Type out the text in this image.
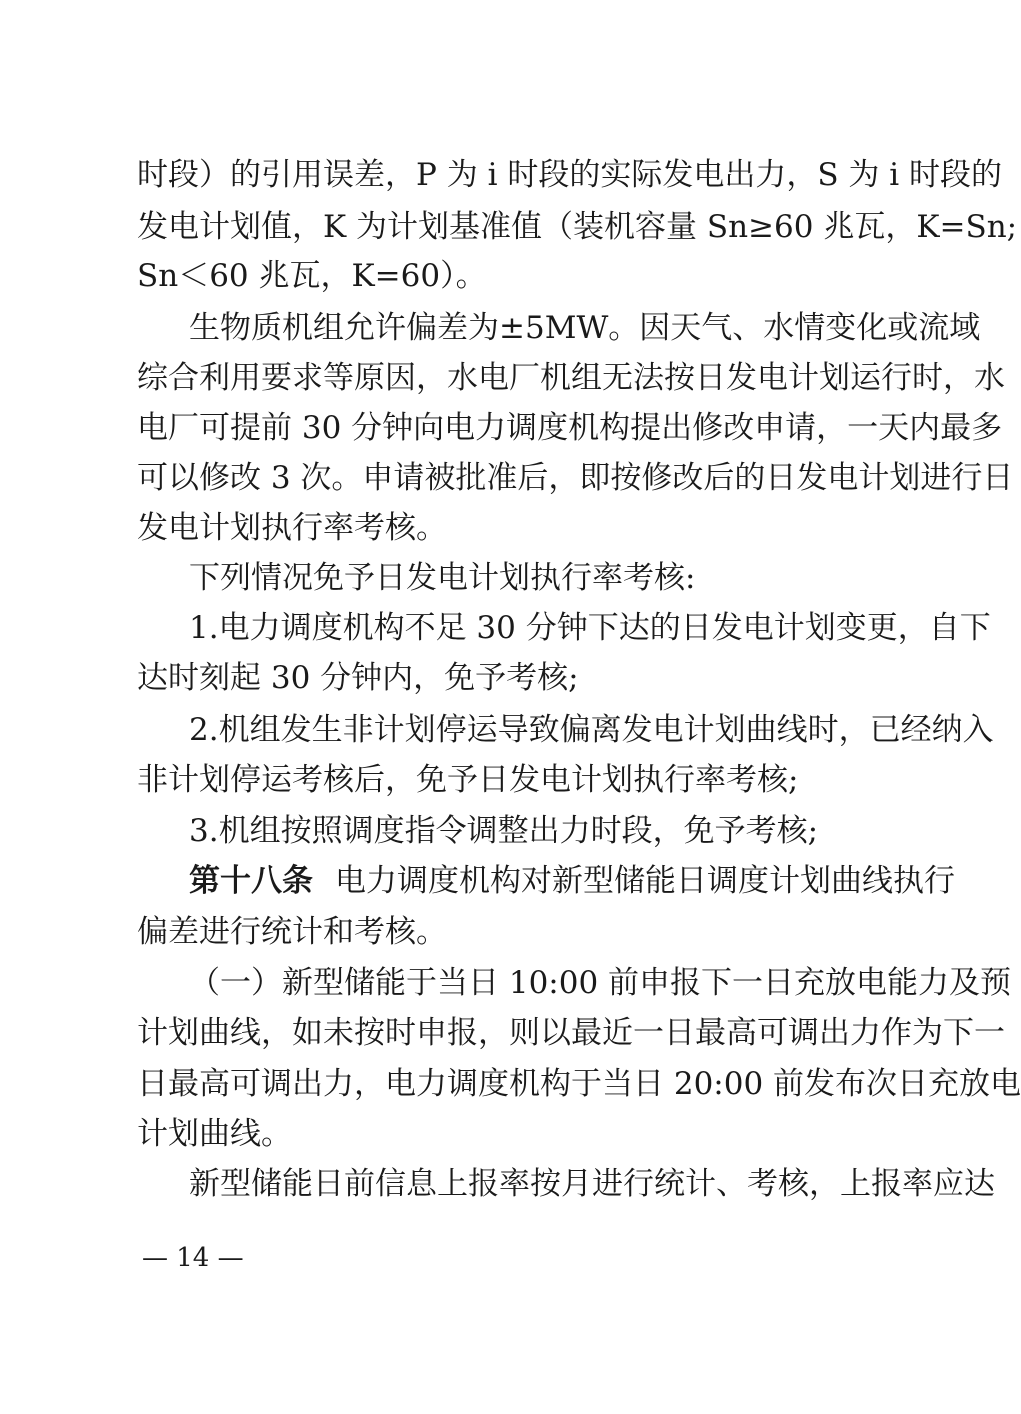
时段）的引用误差，P 为 i 时段的实际发电出力，S 为 i 时段的
发电计划值，K 为计划基准值（装机容量 Sn≥60 兆瓦，K=Sn;
Sn＜60 兆瓦，K=60）。
生物质机组允许偏差为±5MW。因天气、水情变化或流域
综合利用要求等原因，水电厂机组无法按日发电计划运行时，水
电厂可提前 30 分钟向电力调度机构提出修改申请，一天内最多
可以修改 3 次。申请被批准后，即按修改后的日发电计划进行日
发电计划执行率考核。
下列情况免予日发电计划执行率考核:
1.电力调度机构不足 30 分钟下达的日发电计划变更，自下
达时刻起 30 分钟内，免予考核;
2.机组发生非计划停运导致偏离发电计划曲线时，已经纳入
非计划停运考核后，免予日发电计划执行率考核;
3.机组按照调度指令调整出力时段，免予考核;
第十八条 电力调度机构对新型储能日调度计划曲线执行
偏差进行统计和考核。
（一）新型储能于当日 10:00 前申报下一日充放电能力及预
计划曲线，如未按时申报，则以最近一日最高可调出力作为下一
日最高可调出力，电力调度机构于当日 20:00 前发布次日充放电
计划曲线。
新型储能日前信息上报率按月进行统计、考核，上报率应达
— 14 —
